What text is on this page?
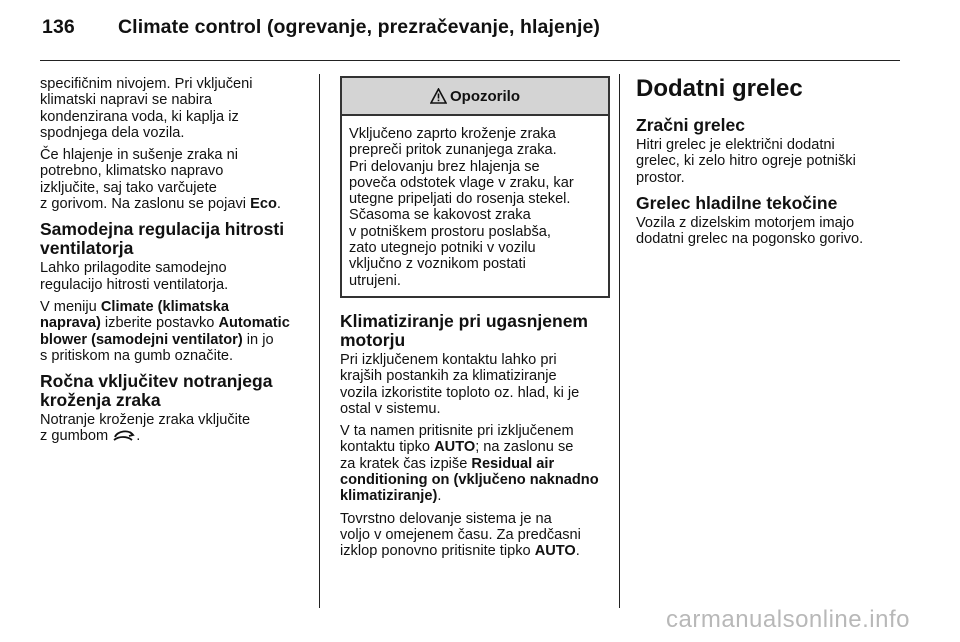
136 Climate control (ogrevanje, prezračevanje, hlajenje)

specifičnim nivojem. Pri vključeni
klimatski napravi se nabira
kondenzirana voda, ki kaplja iz
spodnjega dela vozila.

Če hlajenje in sušenje zraka ni
potrebno, klimatsko napravo
izključite, saj tako varčujete
z gorivom. Na zaslonu se pojavi Eco.

Samodejna regulacija hitrosti
ventilatorja

Lahko prilagodite samodejno
regulacijo hitrosti ventilatorja.

V meniju Climate (klimatska
naprava) izberite postavko Automatic
blower (samodejni ventilator) in jo
s pritiskom na gumb označite.

Ročna vključitev notranjega
kroženja zraka

Notranje kroženje zraka vključite
z gumbom .

Opozorilo

Vključeno zaprto kroženje zraka
prepreči pritok zunanjega zraka.
Pri delovanju brez hlajenja se
poveča odstotek vlage v zraku, kar
utegne pripeljati do rosenja stekel.
Sčasoma se kakovost zraka
v potniškem prostoru poslabša,
zato utegnejo potniki v vozilu
vključno z voznikom postati
utrujeni.

Klimatiziranje pri ugasnjenem
motorju

Pri izključenem kontaktu lahko pri
krajših postankih za klimatiziranje
vozila izkoristite toploto oz. hlad, ki je
ostal v sistemu.

V ta namen pritisnite pri izključenem
kontaktu tipko AUTO; na zaslonu se
za kratek čas izpiše Residual air
conditioning on (vključeno naknadno
klimatiziranje).

Tovrstno delovanje sistema je na
voljo v omejenem času. Za predčasni
izklop ponovno pritisnite tipko AUTO.

Dodatni grelec
Zračni grelec

Hitri grelec je električni dodatni
grelec, ki zelo hitro ogreje potniški
prostor.

Grelec hladilne tekočine

Vozila z dizelskim motorjem imajo
dodatni grelec na pogonsko gorivo.

carmanualsonline.info
